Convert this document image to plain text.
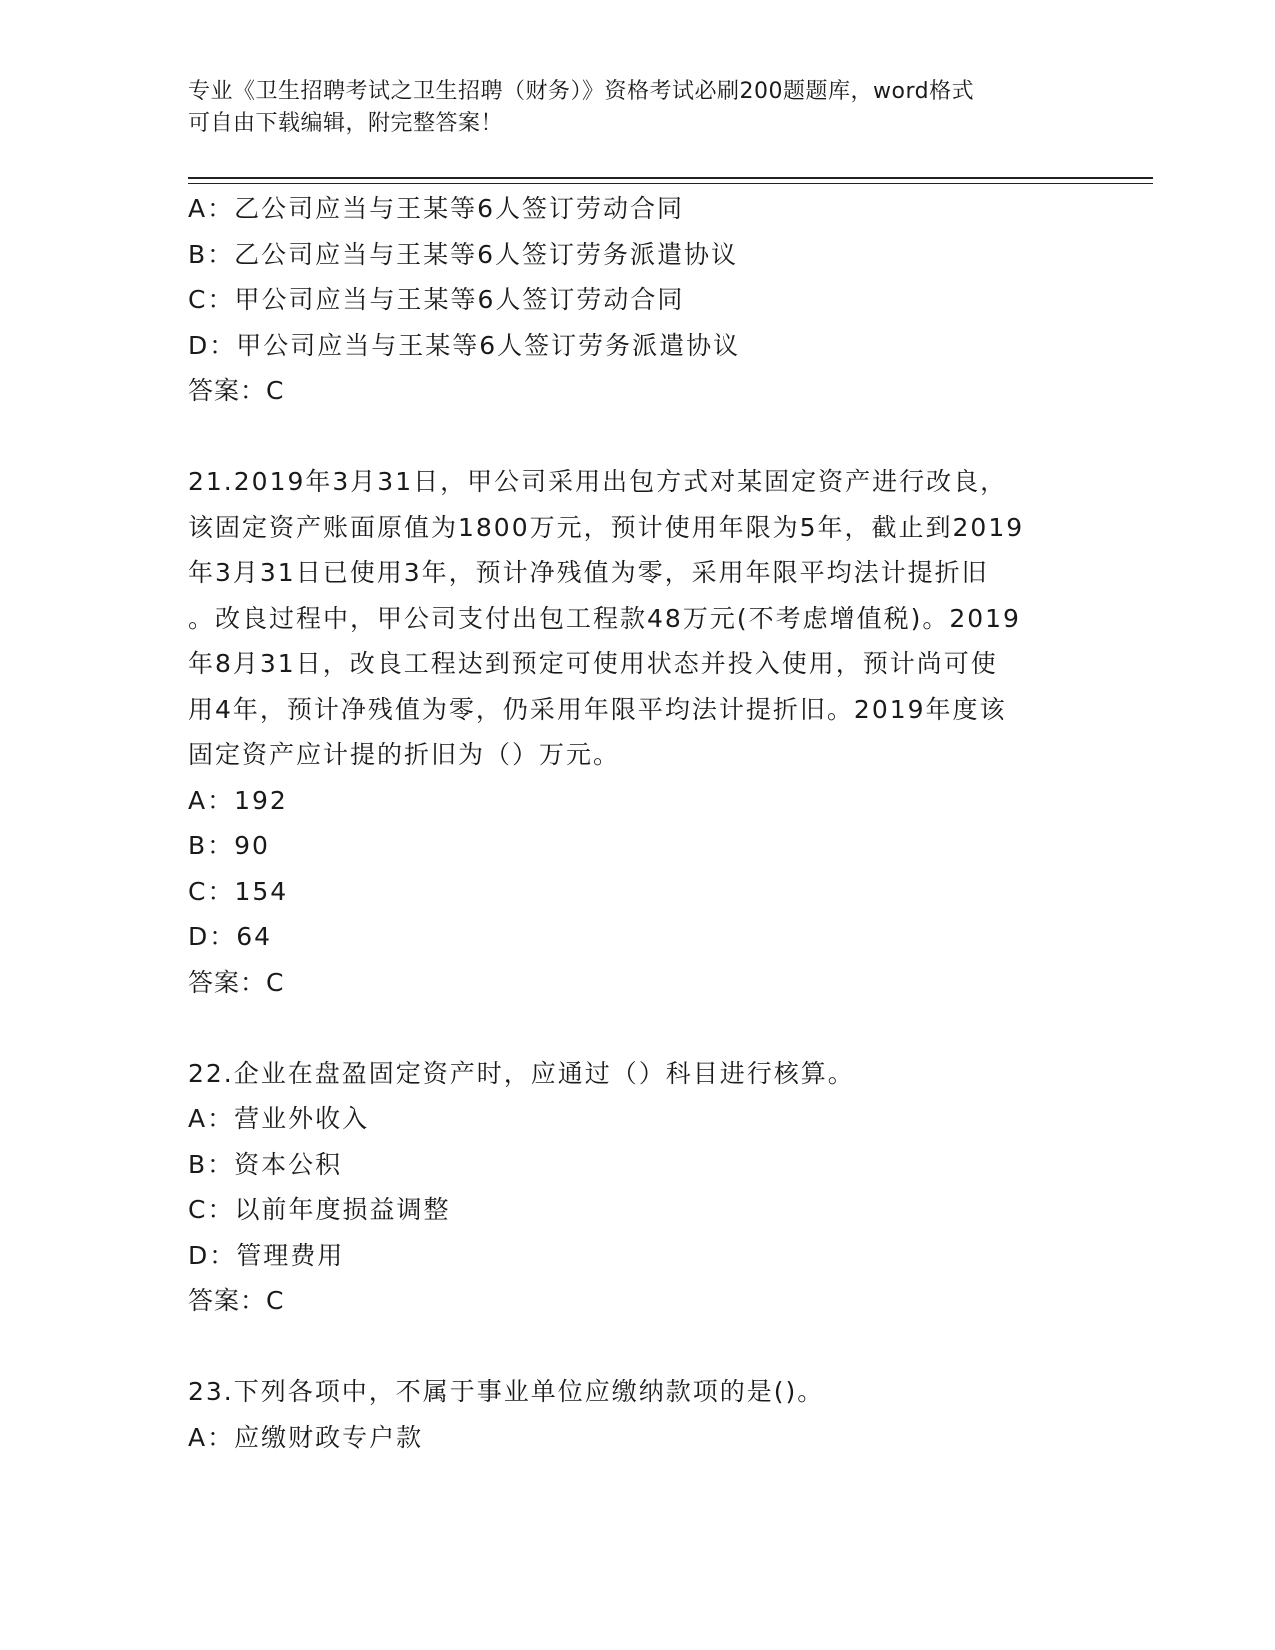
专业《卫生招聘考试之卫生招聘（财务）》资格考试必刷200题题库，word格式
可自由下载编辑，附完整答案！
A：乙公司应当与王某等6人签订劳动合同
B：乙公司应当与王某等6人签订劳务派遣协议
C：甲公司应当与王某等6人签订劳动合同
D：甲公司应当与王某等6人签订劳务派遣协议
答案：C
21.2019年3月31日，甲公司采用出包方式对某固定资产进行改良，
该固定资产账面原值为1800万元，预计使用年限为5年，截止到2019
年3月31日已使用3年，预计净残值为零，采用年限平均法计提折旧
。改良过程中，甲公司支付出包工程款48万元(不考虑增值税)。2019
年8月31日，改良工程达到预定可使用状态并投入使用，预计尚可使
用4年，预计净残值为零，仍采用年限平均法计提折旧。2019年度该
固定资产应计提的折旧为（）万元。
A：192
B：90
C：154
D：64
答案：C
22.企业在盘盈固定资产时，应通过（）科目进行核算。
A：营业外收入
B：资本公积
C：以前年度损益调整
D：管理费用
答案：C
23.下列各项中，不属于事业单位应缴纳款项的是()。
A：应缴财政专户款
